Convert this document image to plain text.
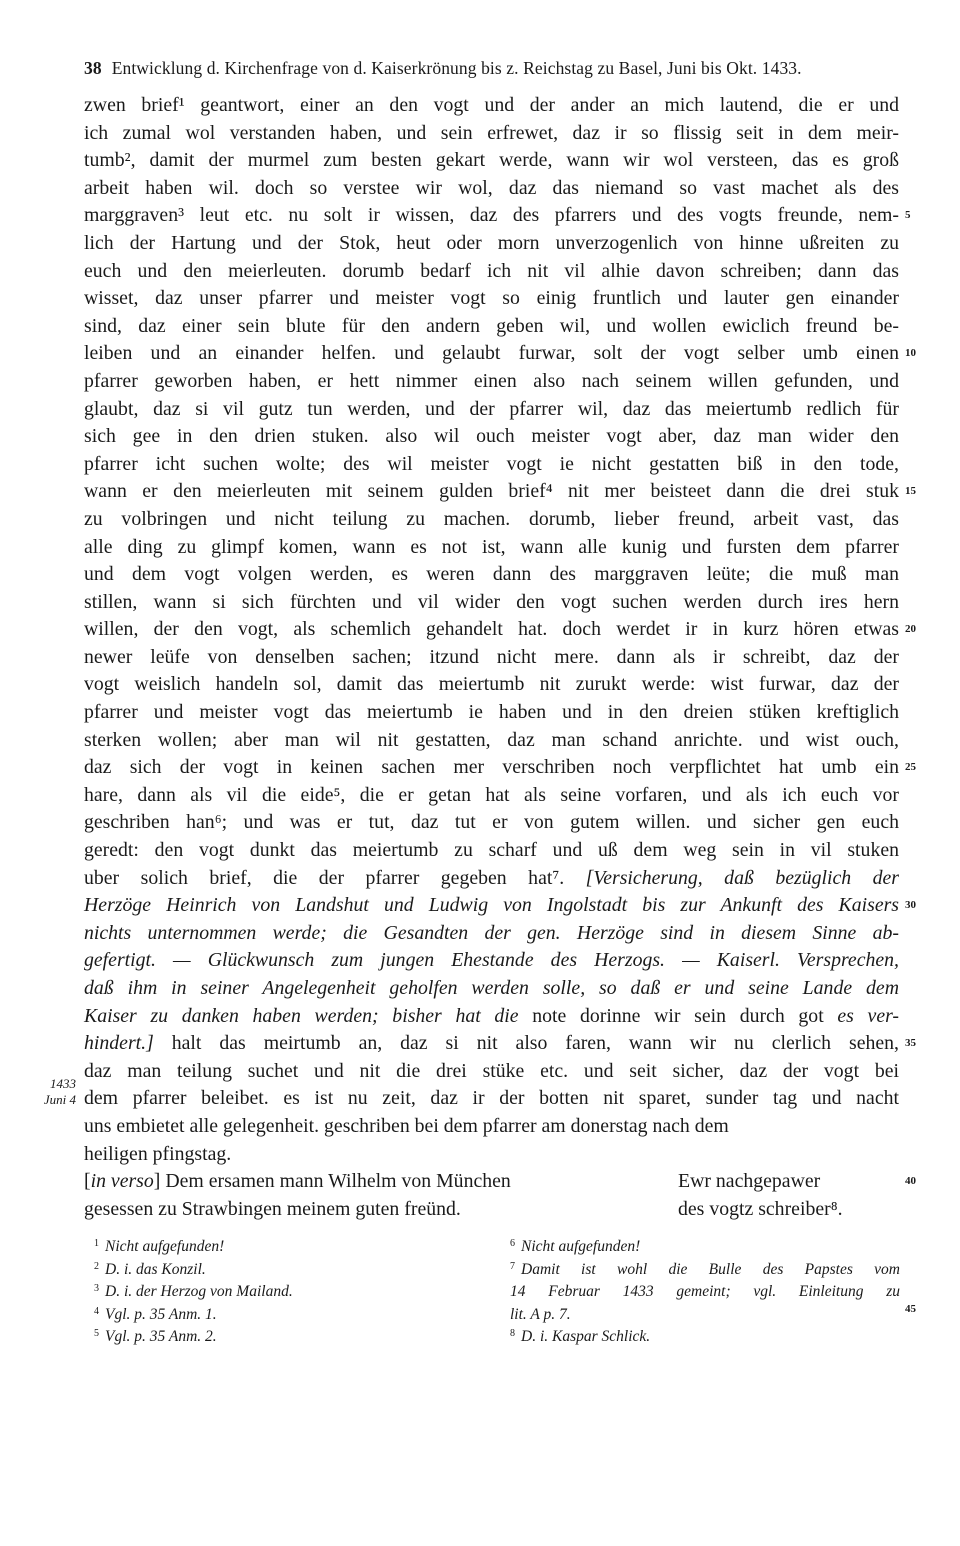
38 Entwicklung d. Kirchenfrage von d. Kaiserkrönung bis z. Reichstag zu Basel, Juni bis Okt. 1433.
1433
Juni 4
zwen brief¹ geantwort, einer an den vogt und der ander an mich lautend, die er und
ich zumal wol verstanden haben, und sein erfrewet, daz ir so flissig seit in dem meir-
tumb², damit der murmel zum besten gekart werde, wann wir wol versteen, das es groß
arbeit haben wil. doch so verstee wir wol, daz das niemand so vast machet als des
marggraven³ leut etc. nu solt ir wissen, daz des pfarrers und des vogts freunde, nem- 5
lich der Hartung und der Stok, heut oder morn unverzogenlich von hinne ußreiten zu
euch und den meierleuten. dorumb bedarf ich nit vil alhie davon schreiben; dann das
wisset, daz unser pfarrer und meister vogt so einig fruntlich und lauter gen einander
sind, daz einer sein blute für den andern geben wil, und wollen ewiclich freund be-
leiben und an einander helfen. und gelaubt furwar, solt der vogt selber umb einen 10
pfarrer geworben haben, er hett nimmer einen also nach seinem willen gefunden, und
glaubt, daz si vil gutz tun werden, und der pfarrer wil, daz das meiertumb redlich für
sich gee in den drien stuken. also wil ouch meister vogt aber, daz man wider den
pfarrer icht suchen wolte; des wil meister vogt ie nicht gestatten biß in den tode,
wann er den meierleuten mit seinem gulden brief⁴ nit mer beisteet dann die drei stuk 15
zu volbringen und nicht teilung zu machen. dorumb, lieber freund, arbeit vast, das
alle ding zu glimpf komen, wann es not ist, wann alle kunig und fursten dem pfarrer
und dem vogt volgen werden, es weren dann des marggraven leüte; die muß man
stillen, wann si sich fürchten und vil wider den vogt suchen werden durch ires hern
willen, der den vogt, als schemlich gehandelt hat. doch werdet ir in kurz hören etwas 20
newer leüfe von denselben sachen; itzund nicht mere. dann als ir schreibt, daz der
vogt weislich handeln sol, damit das meiertumb nit zurukt werde: wist furwar, daz der
pfarrer und meister vogt das meiertumb ie haben und in den dreien stüken kreftiglich
sterken wollen; aber man wil nit gestatten, daz man schand anrichte. und wist ouch,
daz sich der vogt in keinen sachen mer verschriben noch verpflichtet hat umb ein 25
hare, dann als vil die eide⁵, die er getan hat als seine vorfaren, und als ich euch vor
geschriben han⁶; und was er tut, daz tut er von gutem willen. und sicher gen euch
geredt: den vogt dunkt das meiertumb zu scharf und uß dem weg sein in vil stuken
uber solich brief, die der pfarrer gegeben hat⁷. [Versicherung, daß bezüglich der
Herzöge Heinrich von Landshut und Ludwig von Ingolstadt bis zur Ankunft des Kaisers 30
nichts unternommen werde; die Gesandten der gen. Herzöge sind in diesem Sinne ab-
gefertigt. — Glückwunsch zum jungen Ehestande des Herzogs. — Kaiserl. Versprechen,
daß ihm in seiner Angelegenheit geholfen werden solle, so daß er und seine Lande dem
Kaiser zu danken haben werden; bisher hat die note dorinne wir sein durch got es ver-
hindert.] halt das meirtumb an, daz si nit also faren, wann wir nu clerlich sehen, 35
daz man teilung suchet und nit die drei stüke etc. und seit sicher, daz der vogt bei
dem pfarrer beleibet. es ist nu zeit, daz ir der botten nit sparet, sunder tag und nacht
uns embietet alle gelegenheit. geschriben bei dem pfarrer am donerstag nach dem
heiligen pfingstag.
[in verso] Dem ersamen mann Wilhelm von München	Ewr nachgepawer	40
gesessen zu Strawbingen meinem guten freünd.	des vogtz schreiber⁸.
$^1$ Nicht aufgefunden!
$^2$ D. i. das Konzil.
$^3$ D. i. der Herzog von Mailand.
$^4$ Vgl. p. 35 Anm. 1.
$^5$ Vgl. p. 35 Anm. 2.
$^6$ Nicht aufgefunden!
$^7$ Damit ist wohl die Bulle des Papstes vom
14 Februar 1433 gemeint; vgl. Einleitung zu
lit. A p. 7.
$^8$ D. i. Kaspar Schlick.
45
